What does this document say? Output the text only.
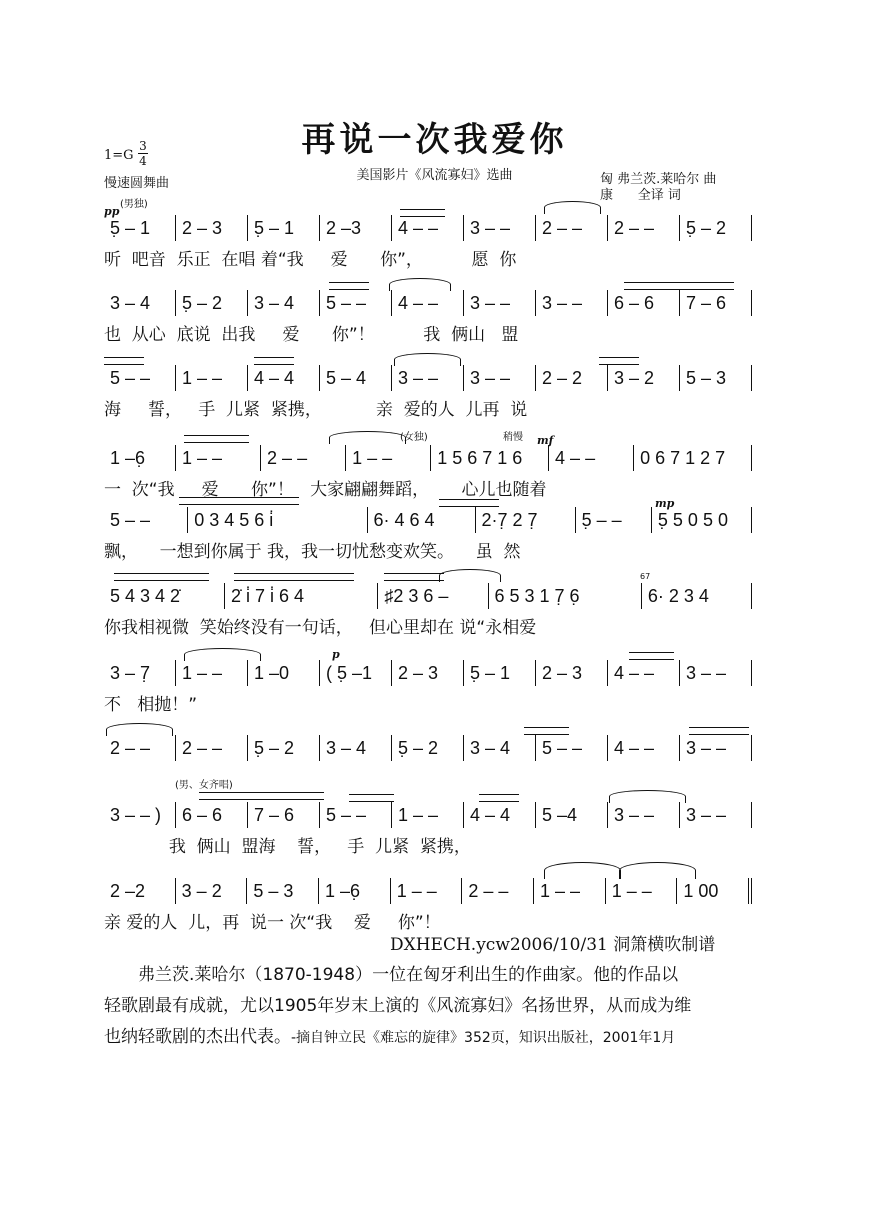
再说一次我爱你
1=G
3
4
慢速圆舞曲
美国影片《风流寡妇》选曲	匈 弗兰茨.莱哈尔 曲
康      全译 词
(男独)
pp
5̣ – 1	2 – 3	5̣ – 1	2 –3	4 – –	3 – –	2 – –	2 – –	5̣ – 2
听  吧音  乐正  在唱 着“我     爱      你”，         愿  你
3 – 4	5̣ – 2	3 – 4	5 – –	4 – –	3 – –	3 – –	6 – 6	7 – 6
也  从心  底说  出我     爱      你”！         我  俩山   盟
5 – –	1 – –	4 – 4	5 – 4	3 – –	3 – –	2 – 2	3 – 2	5 – 3
海     誓，   手  儿紧  紧携，          亲  爱的人  儿再  说
(女独)	稍慢 mf
1 –6̣	1 – –	2 – –	1 – –	1 5 6 7 1 6	4 – –	0 6 7 1 2 7
一  次“我     爱      你”！   大家翩翩舞蹈，      心儿也随着
mp
5 – –	0 3 4 5 6 i̇	6· 4 6 4	2·7̣ 2 7̣	5̣ – –	5̣ 5 0 5 0
飘，    一想到你属于 我，我一切忧愁变欢笑。    虽  然
67
5 4 3 4 2̇	2̇ i̇ 7 i̇ 6 4	♯2 3 6 –	6 5 3 1 7̣ 6̣	6· 2 3 4
你我相视微  笑始终没有一句话，   但心里却在 说“永相爱
p
3 – 7̣	1 – –	1 –0	( 5̣ –1	2 – 3	5̣ – 1	2 – 3	4 – –	3 – –
不   相抛！”
2 – –	2 – –	5̣ – 2	3 – 4	5̣ – 2	3 – 4	5 – –	4 – –	3 – –
(男、女齐唱)
3 – – )	6 – 6	7 – 6	5 – –	1 – –	4 – 4	5 –4	3 – –	3 – –
我  俩山  盟海    誓，   手  儿紧  紧携，
2 –2	3 – 2	5 – 3	1 –6̣	1 – –	2 – –	1 – –	1 – –	1 00
亲 爱的人  儿，再  说一 次“我    爱     你”！
DXHECH.ycw2006/10/31 洞箫横吹制谱

弗兰茨.莱哈尔（1870-1948）一位在匈牙利出生的作曲家。他的作品以

轻歌剧最有成就，尤以1905年岁末上演的《风流寡妇》名扬世界，从而成为维

也纳轻歌剧的杰出代表。-摘自钟立民《难忘的旋律》352页，知识出版社，2001年1月
